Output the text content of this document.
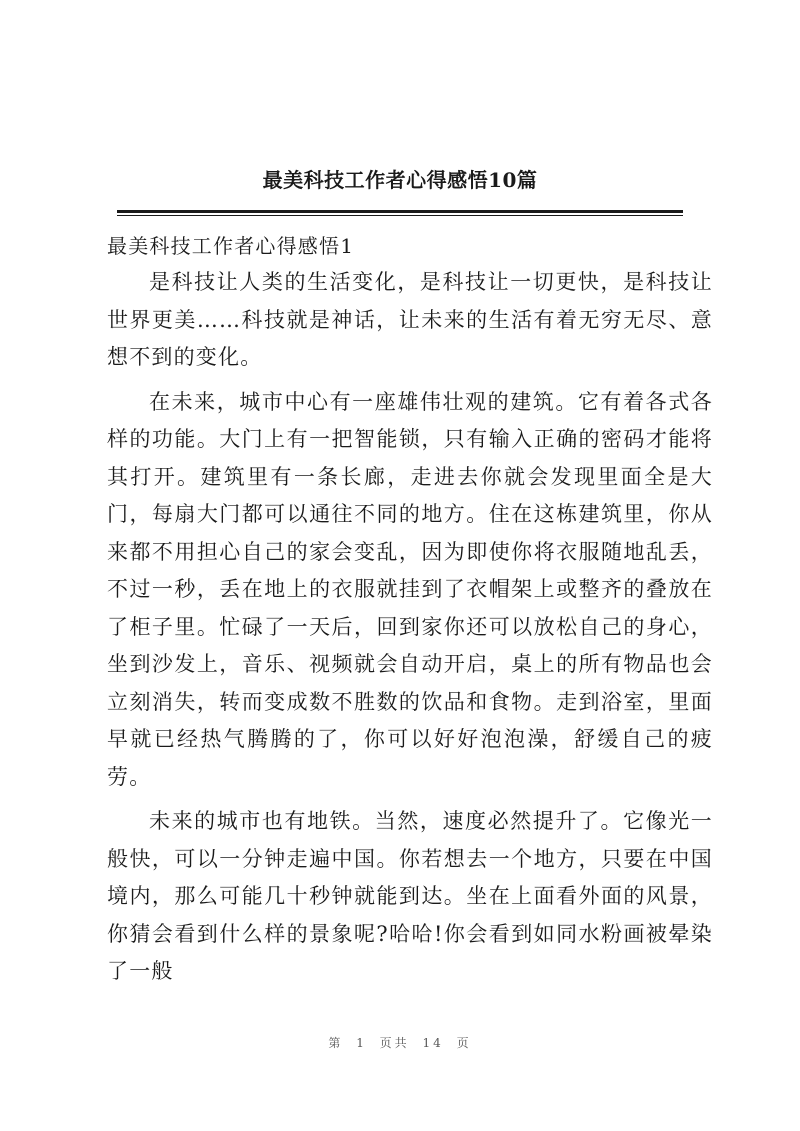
最美科技工作者心得感悟10篇
最美科技工作者心得感悟1

是科技让人类的生活变化，是科技让一切更快，是科技让世界更美……科技就是神话，让未来的生活有着无穷无尽、意想不到的变化。

在未来，城市中心有一座雄伟壮观的建筑。它有着各式各样的功能。大门上有一把智能锁，只有输入正确的密码才能将其打开。建筑里有一条长廊，走进去你就会发现里面全是大门，每扇大门都可以通往不同的地方。住在这栋建筑里，你从来都不用担心自己的家会变乱，因为即使你将衣服随地乱丢，不过一秒，丢在地上的衣服就挂到了衣帽架上或整齐的叠放在了柜子里。忙碌了一天后，回到家你还可以放松自己的身心，坐到沙发上，音乐、视频就会自动开启，桌上的所有物品也会立刻消失，转而变成数不胜数的饮品和食物。走到浴室，里面早就已经热气腾腾的了，你可以好好泡泡澡，舒缓自己的疲劳。

未来的城市也有地铁。当然，速度必然提升了。它像光一般快，可以一分钟走遍中国。你若想去一个地方，只要在中国境内，那么可能几十秒钟就能到达。坐在上面看外面的风景，你猜会看到什么样的景象呢?哈哈!你会看到如同水粉画被晕染了一般

第 1 页共 14 页
